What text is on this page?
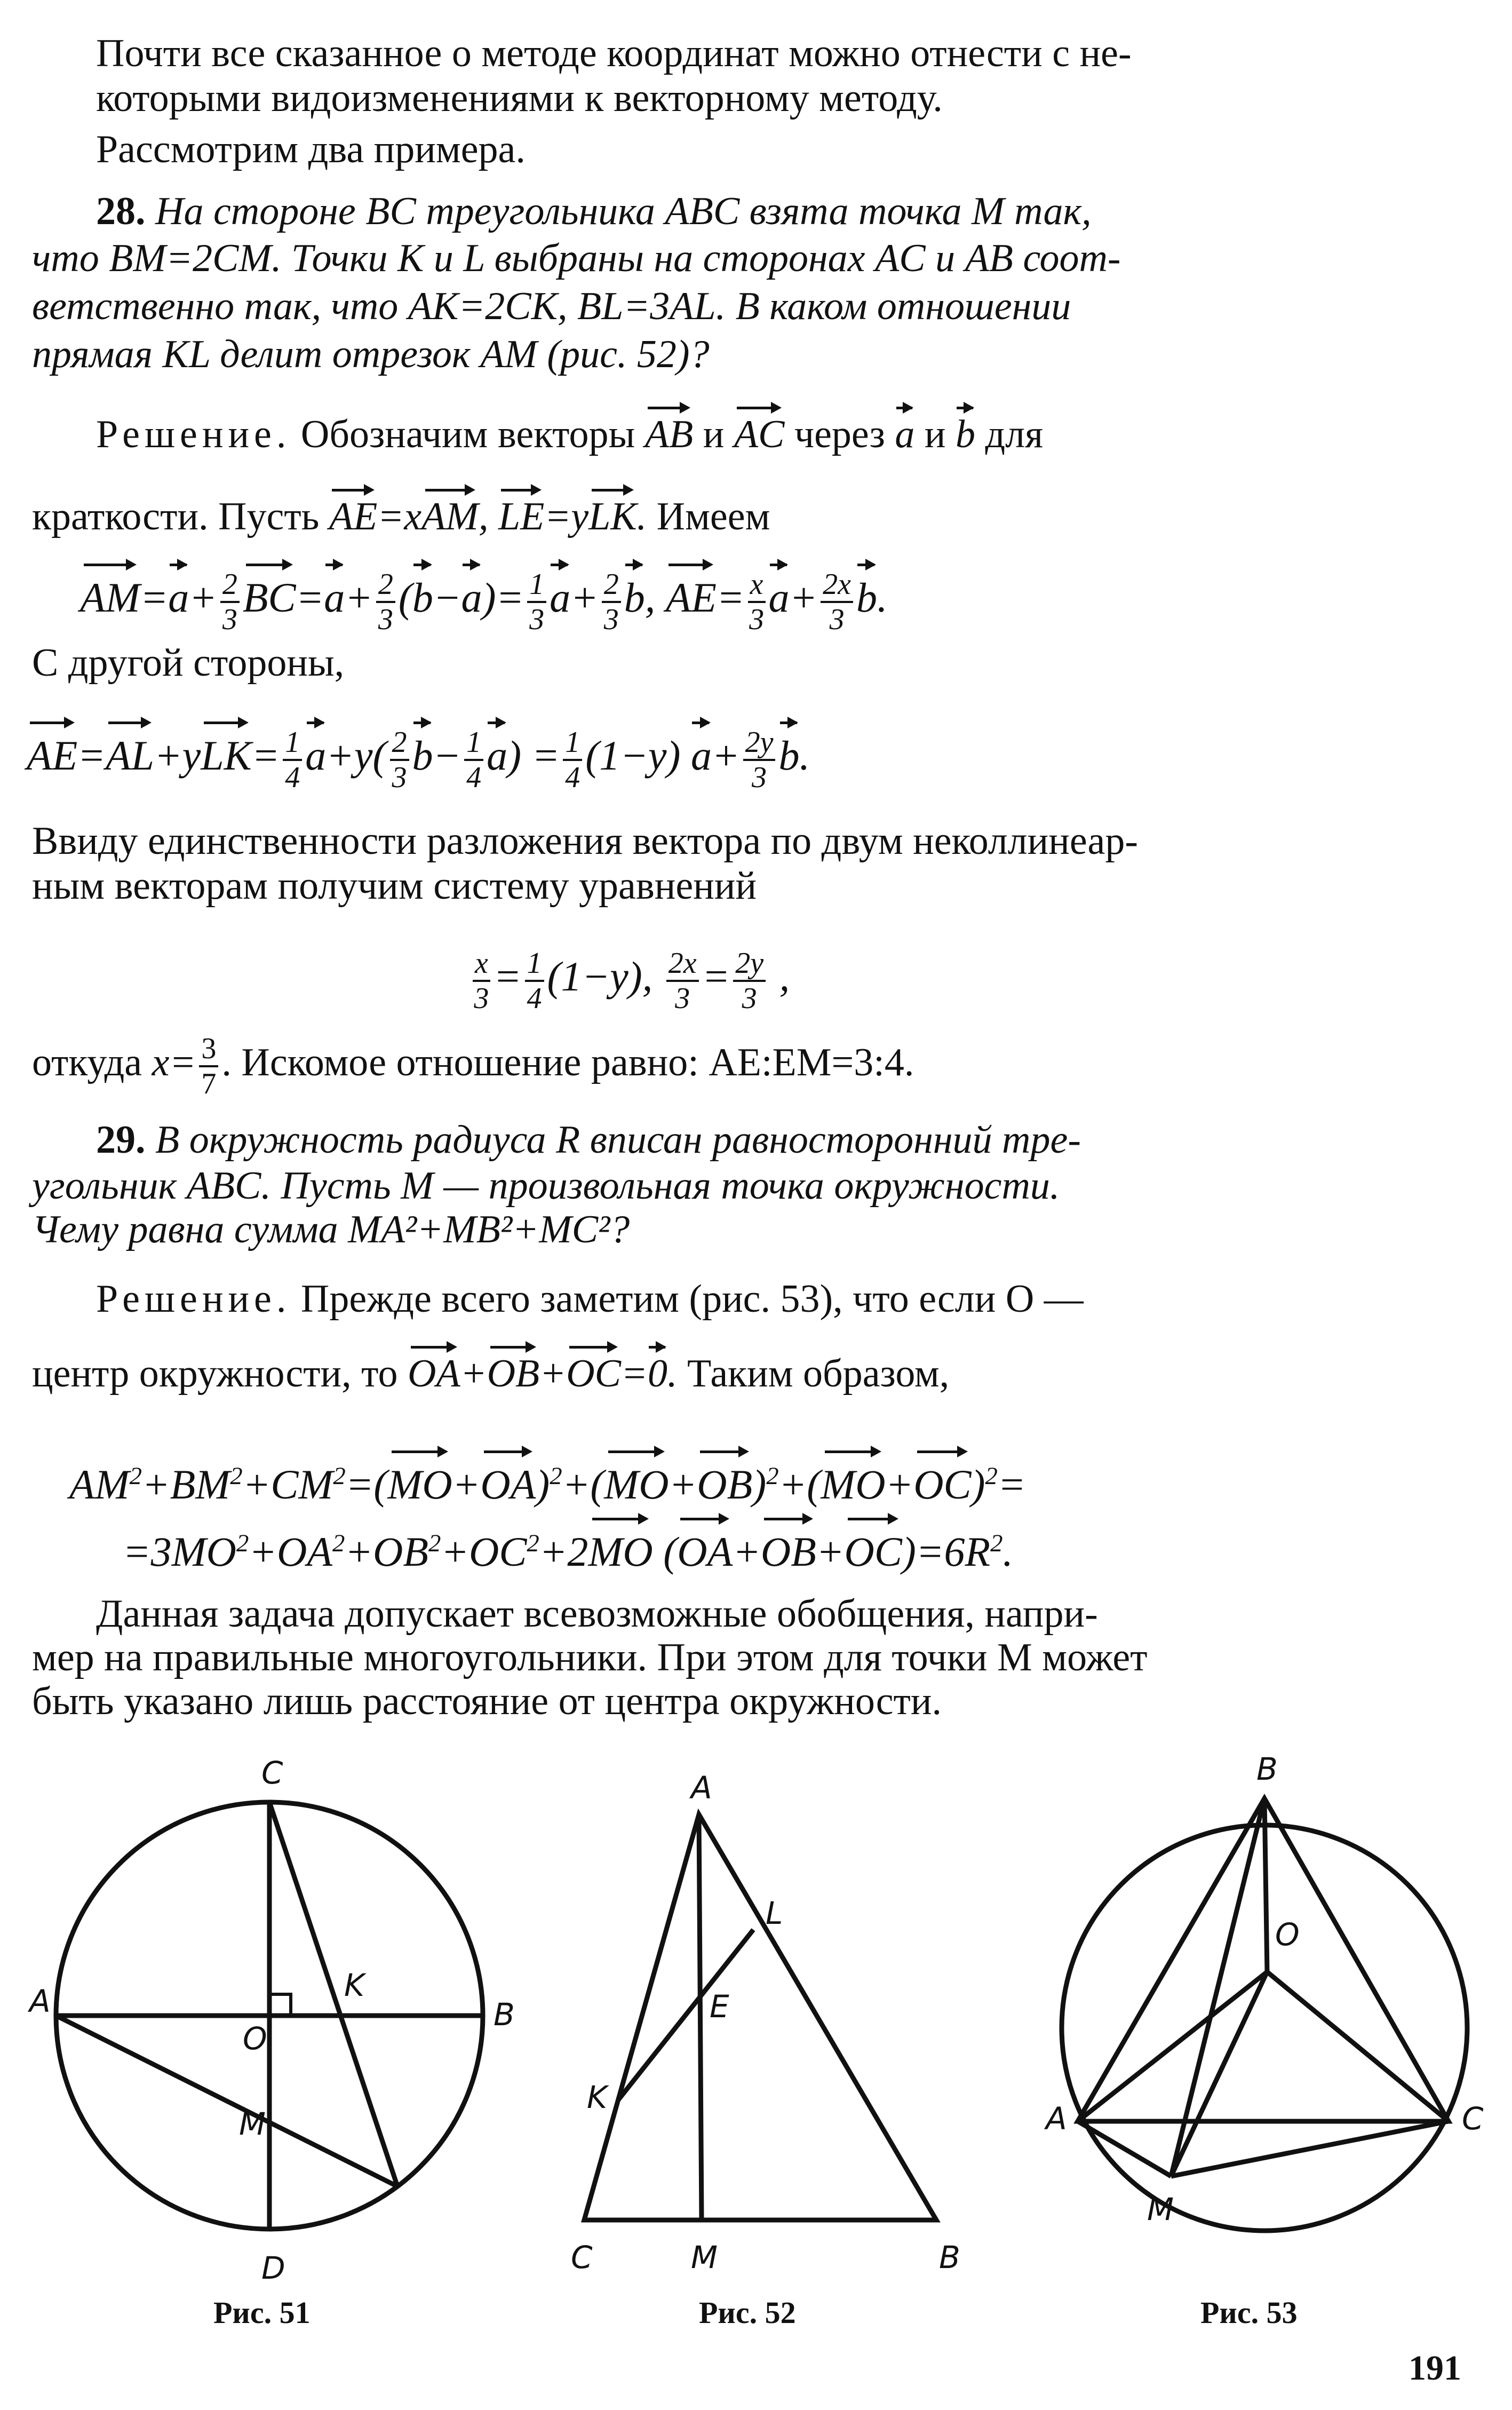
Почти все сказанное о методе координат можно отнести с не-
которыми видоизменениями к векторному методу.
Рассмотрим два примера.
28. На стороне BC треугольника ABC взята точка M так,
что BM=2CM. Точки K и L выбраны на сторонах AC и AB соот-
ветственно так, что AK=2CK, BL=3AL. В каком отношении
прямая KL делит отрезок AM (рис. 52)?
Решение. Обозначим векторы AB и AC через a и b для
краткости. Пусть AE=xAM, LE=yLK. Имеем
$AM=a+ \frac{2}{3} BC=a+ \frac{2}{3} (b-a)= \frac{1}{3} a+ \frac{2}{3} b$, $AE= \frac{x}{3} a+ \frac{2x}{3} b$.
С другой стороны,
$AE=AL+yLK= \frac{1}{4} a+y( \frac{2}{3} b- \frac{1}{4} a) = \frac{1}{4} (1-y)$ $a+ \frac{2y}{3} b$.
Ввиду единственности разложения вектора по двум неколлинеар-
ным векторам получим систему уравнений
$\frac{x}{3} = \frac{1}{4} (1-y)$, $\frac{2x}{3} = \frac{2y}{3}$ ,
откуда $x= \frac{3}{7}$ . Искомое отношение равно: AE:EM=3:4.
29. В окружность радиуса R вписан равносторонний тре-
угольник ABC. Пусть M — произвольная точка окружности.
Чему равна сумма MA²+MB²+MC²?
Решение. Прежде всего заметим (рис. 53), что если O —
центр окружности, то OA+OB+OC=0. Таким образом,
$AM^2+BM^2+CM^2=(MO+OA)^2+(MO+OB)^2+(MO+OC)^2=$
$=3MO^2+OA^2+OB^2+OC^2+2MO$ $(OA+OB+OC)=6R^2$.
Данная задача допускает всевозможные обобщения, напри-
мер на правильные многоугольники. При этом для точки M может
быть указано лишь расстояние от центра окружности.
C
A	B
O
K
M
D
Рис. 51
A
L
E
K
C	M	B
Рис. 52
B
O
A	C
M
Рис. 53
191
